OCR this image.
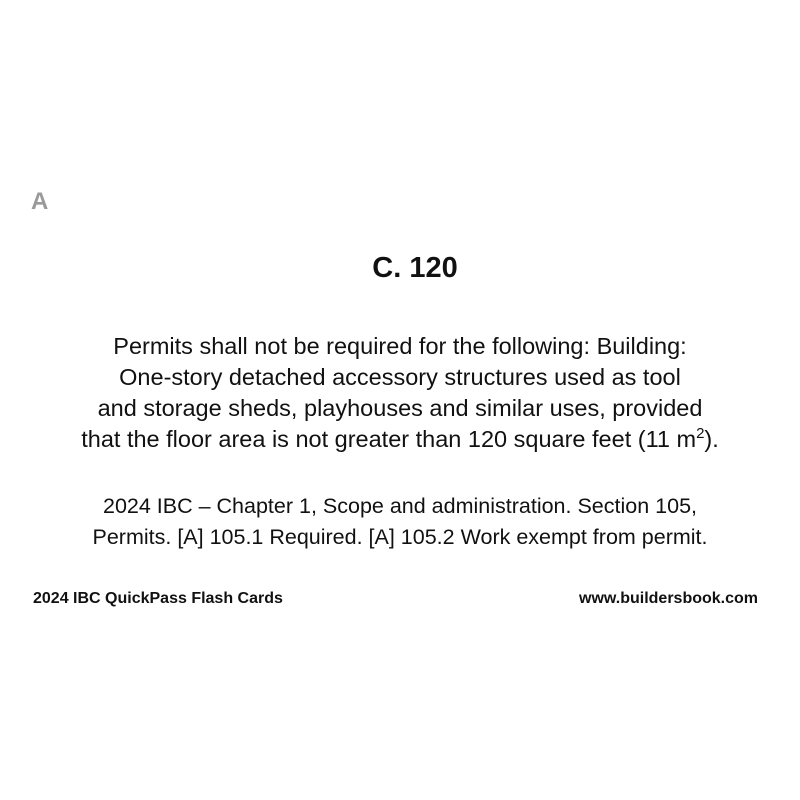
A
C. 120
Permits shall not be required for the following: Building:
One-story detached accessory structures used as tool
and storage sheds, playhouses and similar uses, provided
that the floor area is not greater than 120 square feet (11 $m^2$).
2024 IBC – Chapter 1, Scope and administration. Section 105,
Permits. [A] 105.1 Required. [A] 105.2 Work exempt from permit.
2024 IBC QuickPass Flash Cards	www.buildersbook.com
